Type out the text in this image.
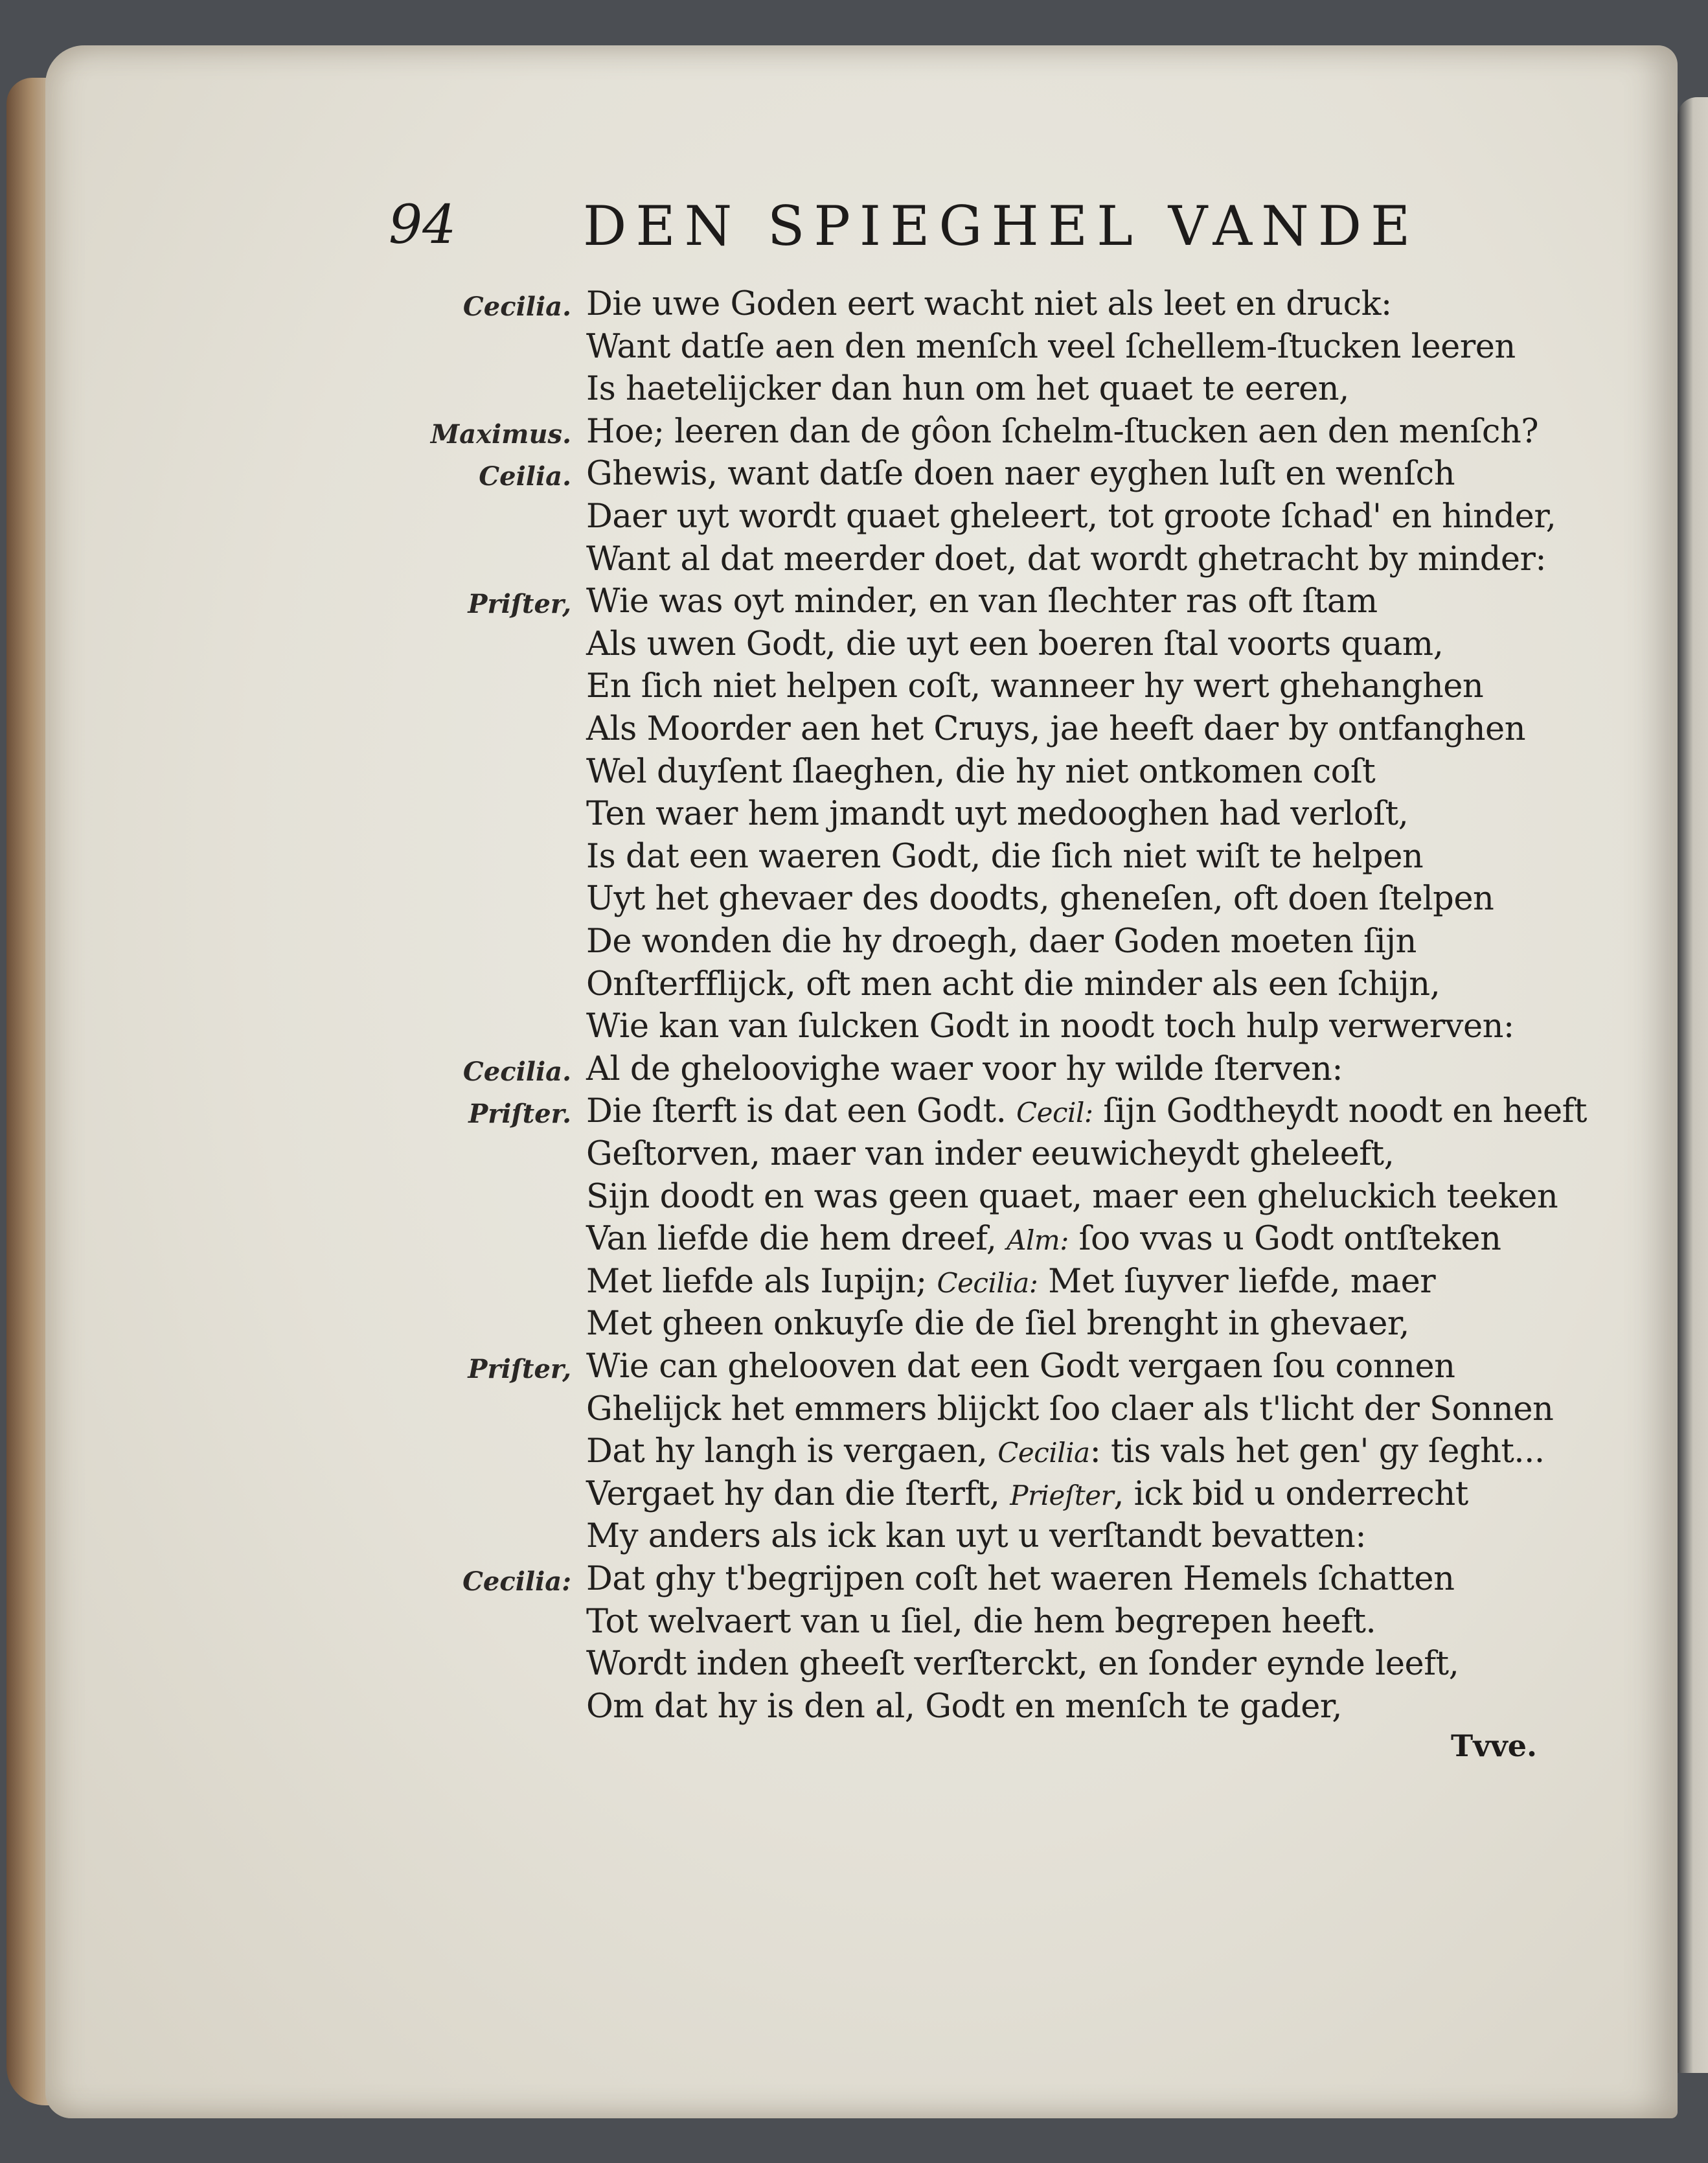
94 DEN SPIEGHEL VANDE
Cecilia. Die uwe Goden eert wacht niet als leet en druck:
Want datſe aen den menſch veel ſchellem-ſtucken leeren
Is haetelijcker dan hun om het quaet te eeren,
Maximus. Hoe; leeren dan de gôon ſchelm-ſtucken aen den menſch?
Ceilia. Ghewis, want datſe doen naer eyghen luſt en wenſch
Daer uyt wordt quaet gheleert, tot groote ſchad' en hinder,
Want al dat meerder doet, dat wordt ghetracht by minder:
Priſter, Wie was oyt minder, en van ſlechter ras oft ſtam
Als uwen Godt, die uyt een boeren ſtal voorts quam,
En ſich niet helpen coſt, wanneer hy wert ghehanghen
Als Moorder aen het Cruys, jae heeft daer by ontfanghen
Wel duyſent ſlaeghen, die hy niet ontkomen coſt
Ten waer hem jmandt uyt medooghen had verloſt,
Is dat een waeren Godt, die ſich niet wiſt te helpen
Uyt het ghevaer des doodts, gheneſen, oft doen ſtelpen
De wonden die hy droegh, daer Goden moeten ſijn
Onſterfflijck, oft men acht die minder als een ſchijn,
Wie kan van ſulcken Godt in noodt toch hulp verwerven:
Cecilia. Al de gheloovighe waer voor hy wilde ſterven:
Priſter. Die ſterft is dat een Godt. Cecil: ſijn Godtheydt noodt en heeft
Geſtorven, maer van inder eeuwicheydt gheleeft,
Sijn doodt en was geen quaet, maer een gheluckich teeken
Van liefde die hem dreef, Alm: ſoo vvas u Godt ontſteken
Met liefde als Iupijn; Cecilia: Met ſuyver liefde, maer
Met gheen onkuyſe die de ſiel brenght in ghevaer,
Priſter, Wie can ghelooven dat een Godt vergaen ſou connen
Ghelijck het emmers blijckt ſoo claer als t'licht der Sonnen
Dat hy langh is vergaen, Cecilia: tis vals het gen' gy ſeght...
Vergaet hy dan die ſterft, Prieſter, ick bid u onderrecht
My anders als ick kan uyt u verſtandt bevatten:
Cecilia: Dat ghy t'begrijpen coſt het waeren Hemels ſchatten
Tot welvaert van u ſiel, die hem begrepen heeft.
Wordt inden gheeſt verſterckt, en ſonder eynde leeft,
Om dat hy is den al, Godt en menſch te gader,
Tvve.
